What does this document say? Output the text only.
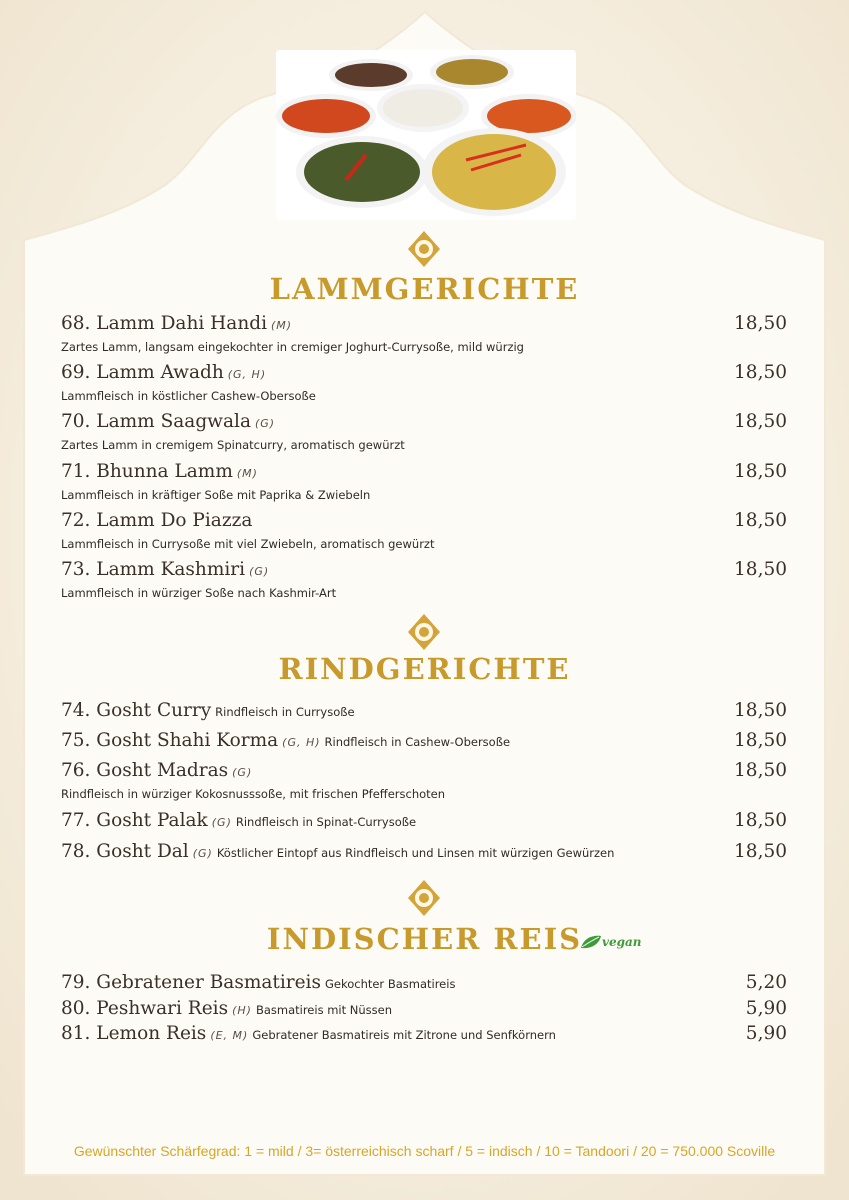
LAMMGERICHTE
68. Lamm Dahi Handi (M)	18,50
Zartes Lamm, langsam eingekochter in cremiger Joghurt-Currysoße, mild würzig
69. Lamm Awadh (G, H)	18,50
Lammfleisch in köstlicher Cashew-Obersoße
70. Lamm Saagwala (G)	18,50
Zartes Lamm in cremigem Spinatcurry, aromatisch gewürzt
71. Bhunna Lamm (M)	18,50
Lammfleisch in kräftiger Soße mit Paprika & Zwiebeln
72. Lamm Do Piazza	18,50
Lammfleisch in Currysoße mit viel Zwiebeln, aromatisch gewürzt
73. Lamm Kashmiri (G)	18,50
Lammfleisch in würziger Soße nach Kashmir-Art
RINDGERICHTE
74. Gosht Curry Rindfleisch in Currysoße	18,50
75. Gosht Shahi Korma (G, H) Rindfleisch in Cashew-Obersoße	18,50
76. Gosht Madras (G)	18,50
Rindfleisch in würziger Kokosnusssoße, mit frischen Pfefferschoten
77. Gosht Palak (G) Rindfleisch in Spinat-Currysoße	18,50
78. Gosht Dal (G) Köstlicher Eintopf aus Rindfleisch und Linsen mit würzigen Gewürzen	18,50
INDISCHER REIS	vegan
79. Gebratener Basmatireis Gekochter Basmatireis	5,20
80. Peshwari Reis (H) Basmatireis mit Nüssen	5,90
81. Lemon Reis (E, M) Gebratener Basmatireis mit Zitrone und Senfkörnern	5,90
Gewünschter Schärfegrad: 1 = mild / 3= österreichisch scharf / 5 = indisch / 10 = Tandoori / 20 = 750.000 Scoville
